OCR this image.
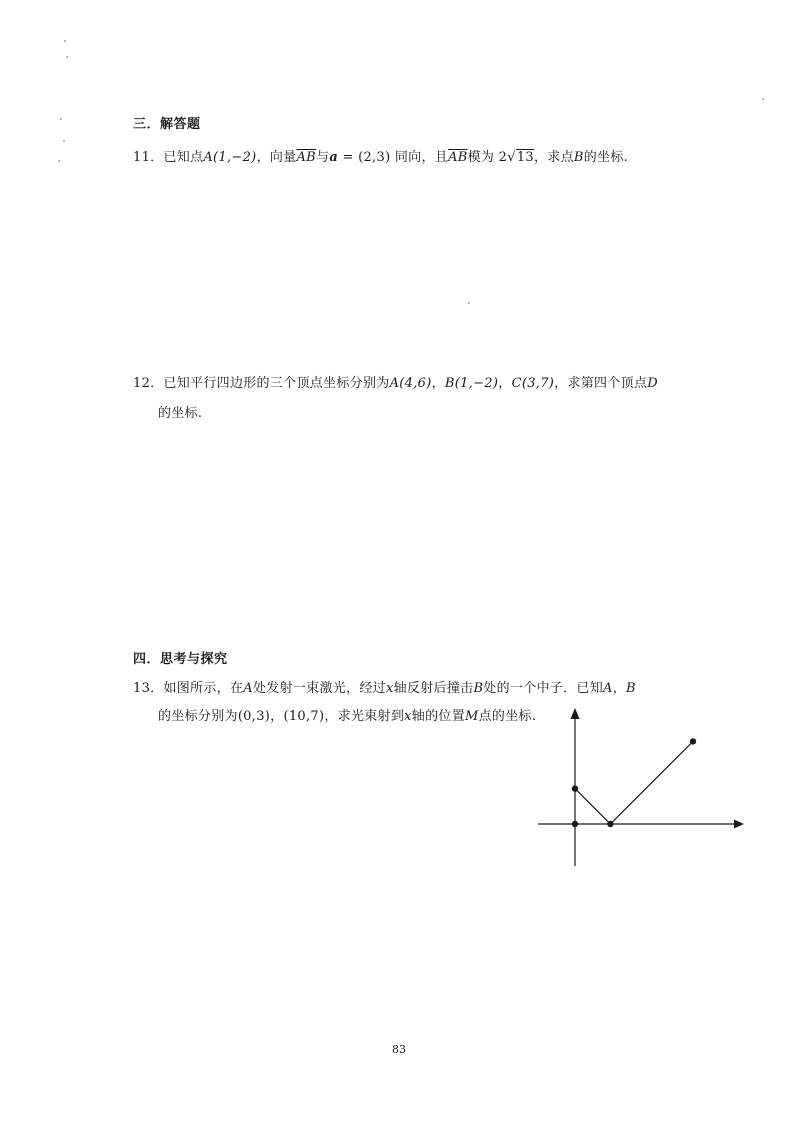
三．解答题
11．已知点A(1,−2)，向量$\overline{AB}$与a = (2,3) 同向，且$\overline{AB}$模为 2√13，求点B的坐标.
12．已知平行四边形的三个顶点坐标分别为A(4,6)，B(1,−2)，C(3,7)，求第四个顶点D
的坐标.
四．思考与探究
13．如图所示，在A处发射一束激光，经过x轴反射后撞击B处的一个中子．已知A，B
的坐标分别为(0,3)，(10,7)，求光束射到x轴的位置M点的坐标.
83
